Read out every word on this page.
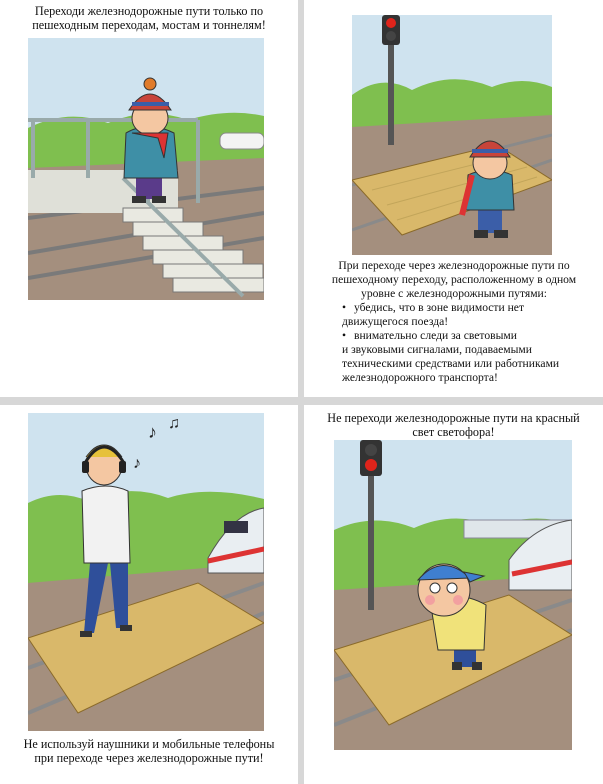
Переходи железнодорожные пути только по
пешеходным переходам, мостам и тоннелям!
При переходе через железнодорожные пути по
пешеходному переходу, расположенному в одном
уровне с железнодорожными путями:
• убедись, что в зоне видимости нет
движущегося поезда!
• внимательно следи за световыми
и звуковыми сигналами, подаваемыми
техническими средствами или работниками
железнодорожного транспорта!
♪ ♫
♪
Не используй наушники и мобильные телефоны
при переходе через железнодорожные пути!
Не переходи железнодорожные пути на красный
свет светофора!
